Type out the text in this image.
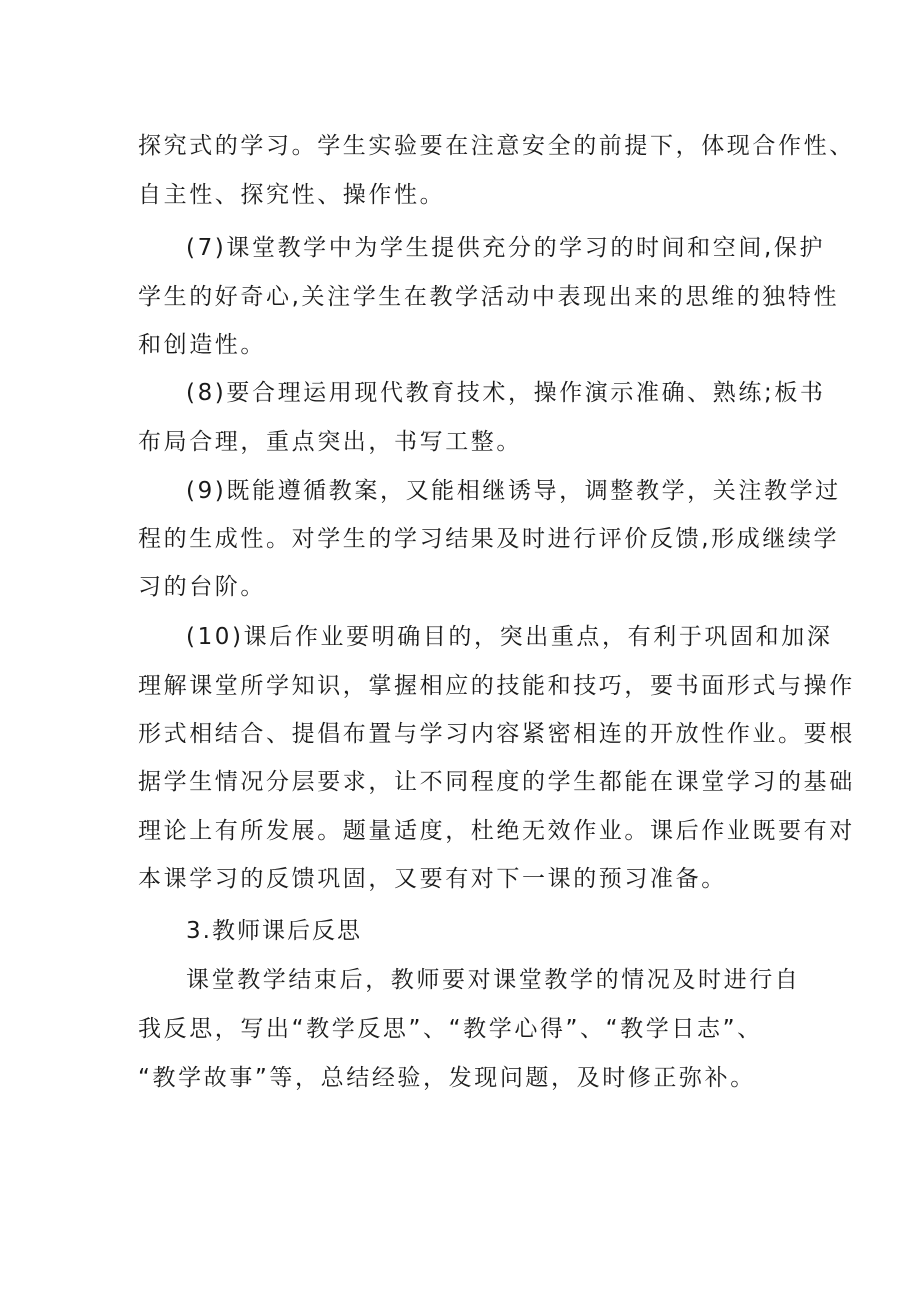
探究式的学习。学生实验要在注意安全的前提下，体现合作性、
自主性、探究性、操作性。
(7)课堂教学中为学生提供充分的学习的时间和空间,保护
学生的好奇心,关注学生在教学活动中表现出来的思维的独特性
和创造性。
(8)要合理运用现代教育技术，操作演示准确、熟练;板书
布局合理，重点突出，书写工整。
(9)既能遵循教案，又能相继诱导，调整教学，关注教学过
程的生成性。对学生的学习结果及时进行评价反馈,形成继续学
习的台阶。
(10)课后作业要明确目的，突出重点，有利于巩固和加深
理解课堂所学知识，掌握相应的技能和技巧，要书面形式与操作
形式相结合、提倡布置与学习内容紧密相连的开放性作业。要根
据学生情况分层要求，让不同程度的学生都能在课堂学习的基础
理论上有所发展。题量适度，杜绝无效作业。课后作业既要有对
本课学习的反馈巩固，又要有对下一课的预习准备。
3.教师课后反思
课堂教学结束后，教师要对课堂教学的情况及时进行自
我反思，写出“教学反思”、“教学心得”、“教学日志”、
“教学故事”等，总结经验，发现问题，及时修正弥补。
